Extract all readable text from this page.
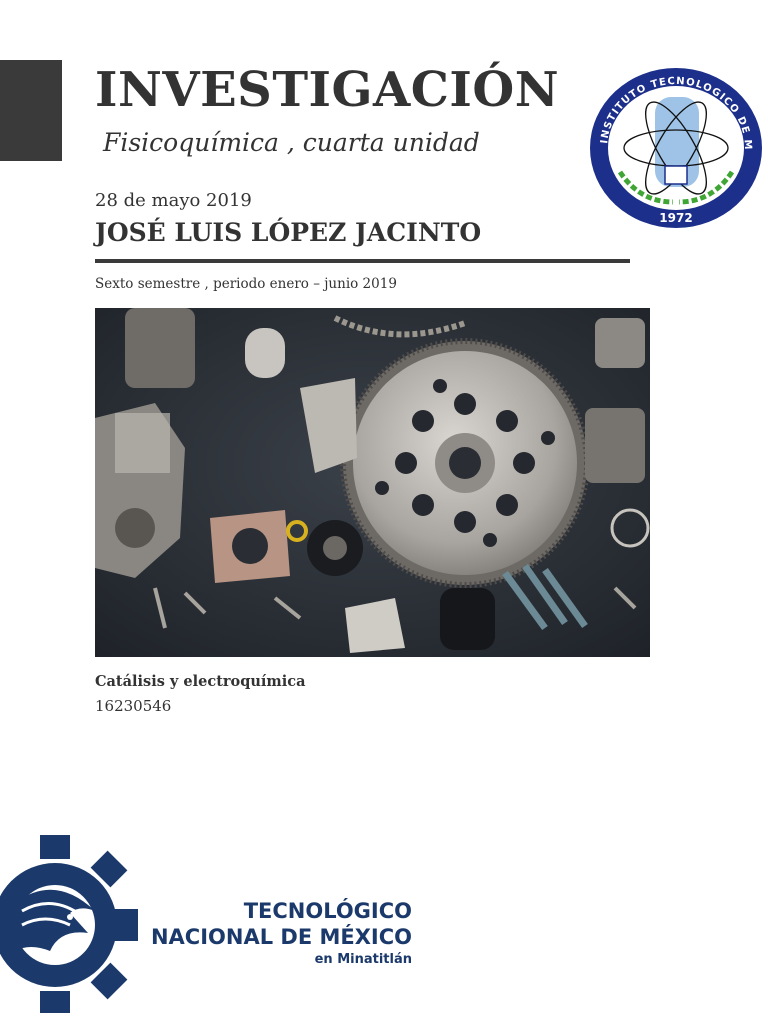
INVESTIGACIÓN
Fisicoquímica , cuarta unidad
28 de mayo 2019
JOSÉ LUIS LÓPEZ JACINTO
Sexto semestre , periodo enero – junio 2019
INSTITUTO TECNOLOGICO DE M
1972
Catálisis y electroquímica
16230546
TECNOLÓGICO
NACIONAL DE MÉXICO
en Minatitlán
